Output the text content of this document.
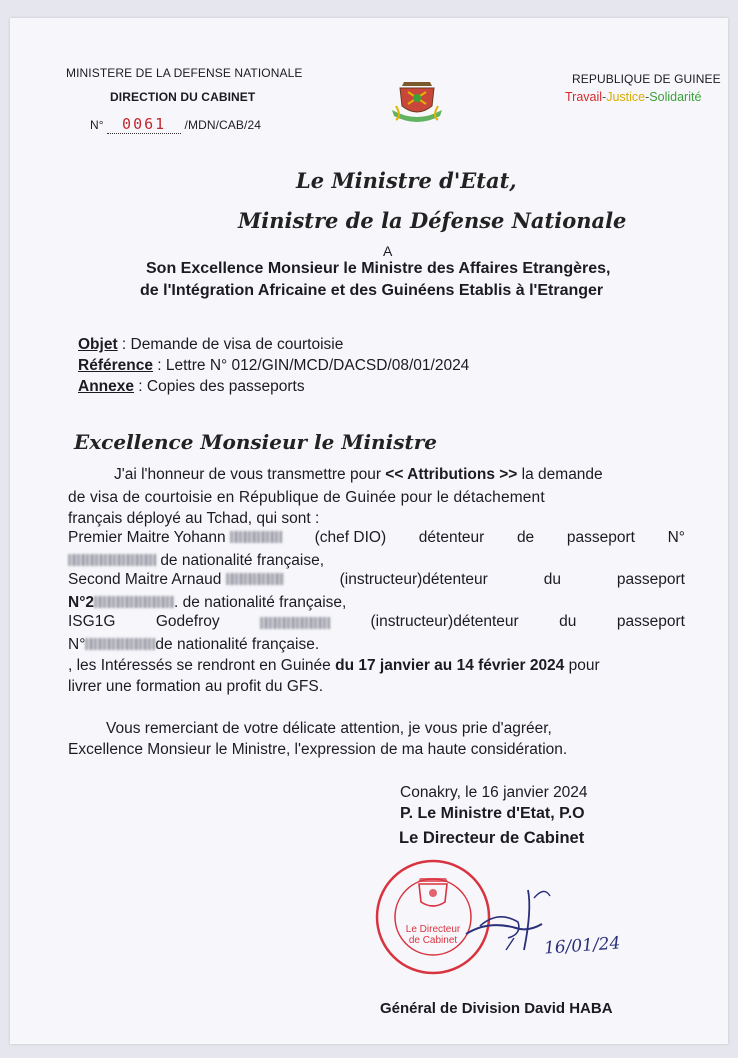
MINISTERE DE LA DEFENSE NATIONALE
DIRECTION DU CABINET
N° 0061 /MDN/CAB/24
REPUBLIQUE DE GUINEE
Travail-Justice-Solidarité
Le Ministre d'Etat,
Ministre de la Défense Nationale
A
Son Excellence Monsieur le Ministre des Affaires Etrangères,
de l'Intégration Africaine et des Guinéens Etablis à l'Etranger
Objet : Demande de visa de courtoisie
Référence : Lettre N° 012/GIN/MCD/DACSD/08/01/2024
Annexe : Copies des passeports
Excellence Monsieur le Ministre
J'ai l'honneur de vous transmettre pour << Attributions >> la demande
de visa de courtoisie en République de Guinée pour le détachement
français déployé au Tchad, qui sont :
Premier Maitre Yohann	(chef DIO) détenteur de passeport N°
de nationalité française,
Second Maitre Arnaud	(instructeur)détenteur	du	passeport
N°2	. de nationalité française,
ISG1G	Godefroy	(instructeur)détenteur	du	passeport
N°	de nationalité française.
, les Intéressés se rendront en Guinée du 17 janvier au 14 février 2024 pour
livrer une formation au profit du GFS.
Vous remerciant de votre délicate attention, je vous prie d'agréer,
Excellence Monsieur le Ministre, l'expression de ma haute considération.
Conakry, le 16 janvier 2024
P. Le Ministre d'Etat, P.O
Le Directeur de Cabinet
Le Directeur
de Cabinet	16/01/24
Général de Division David HABA
